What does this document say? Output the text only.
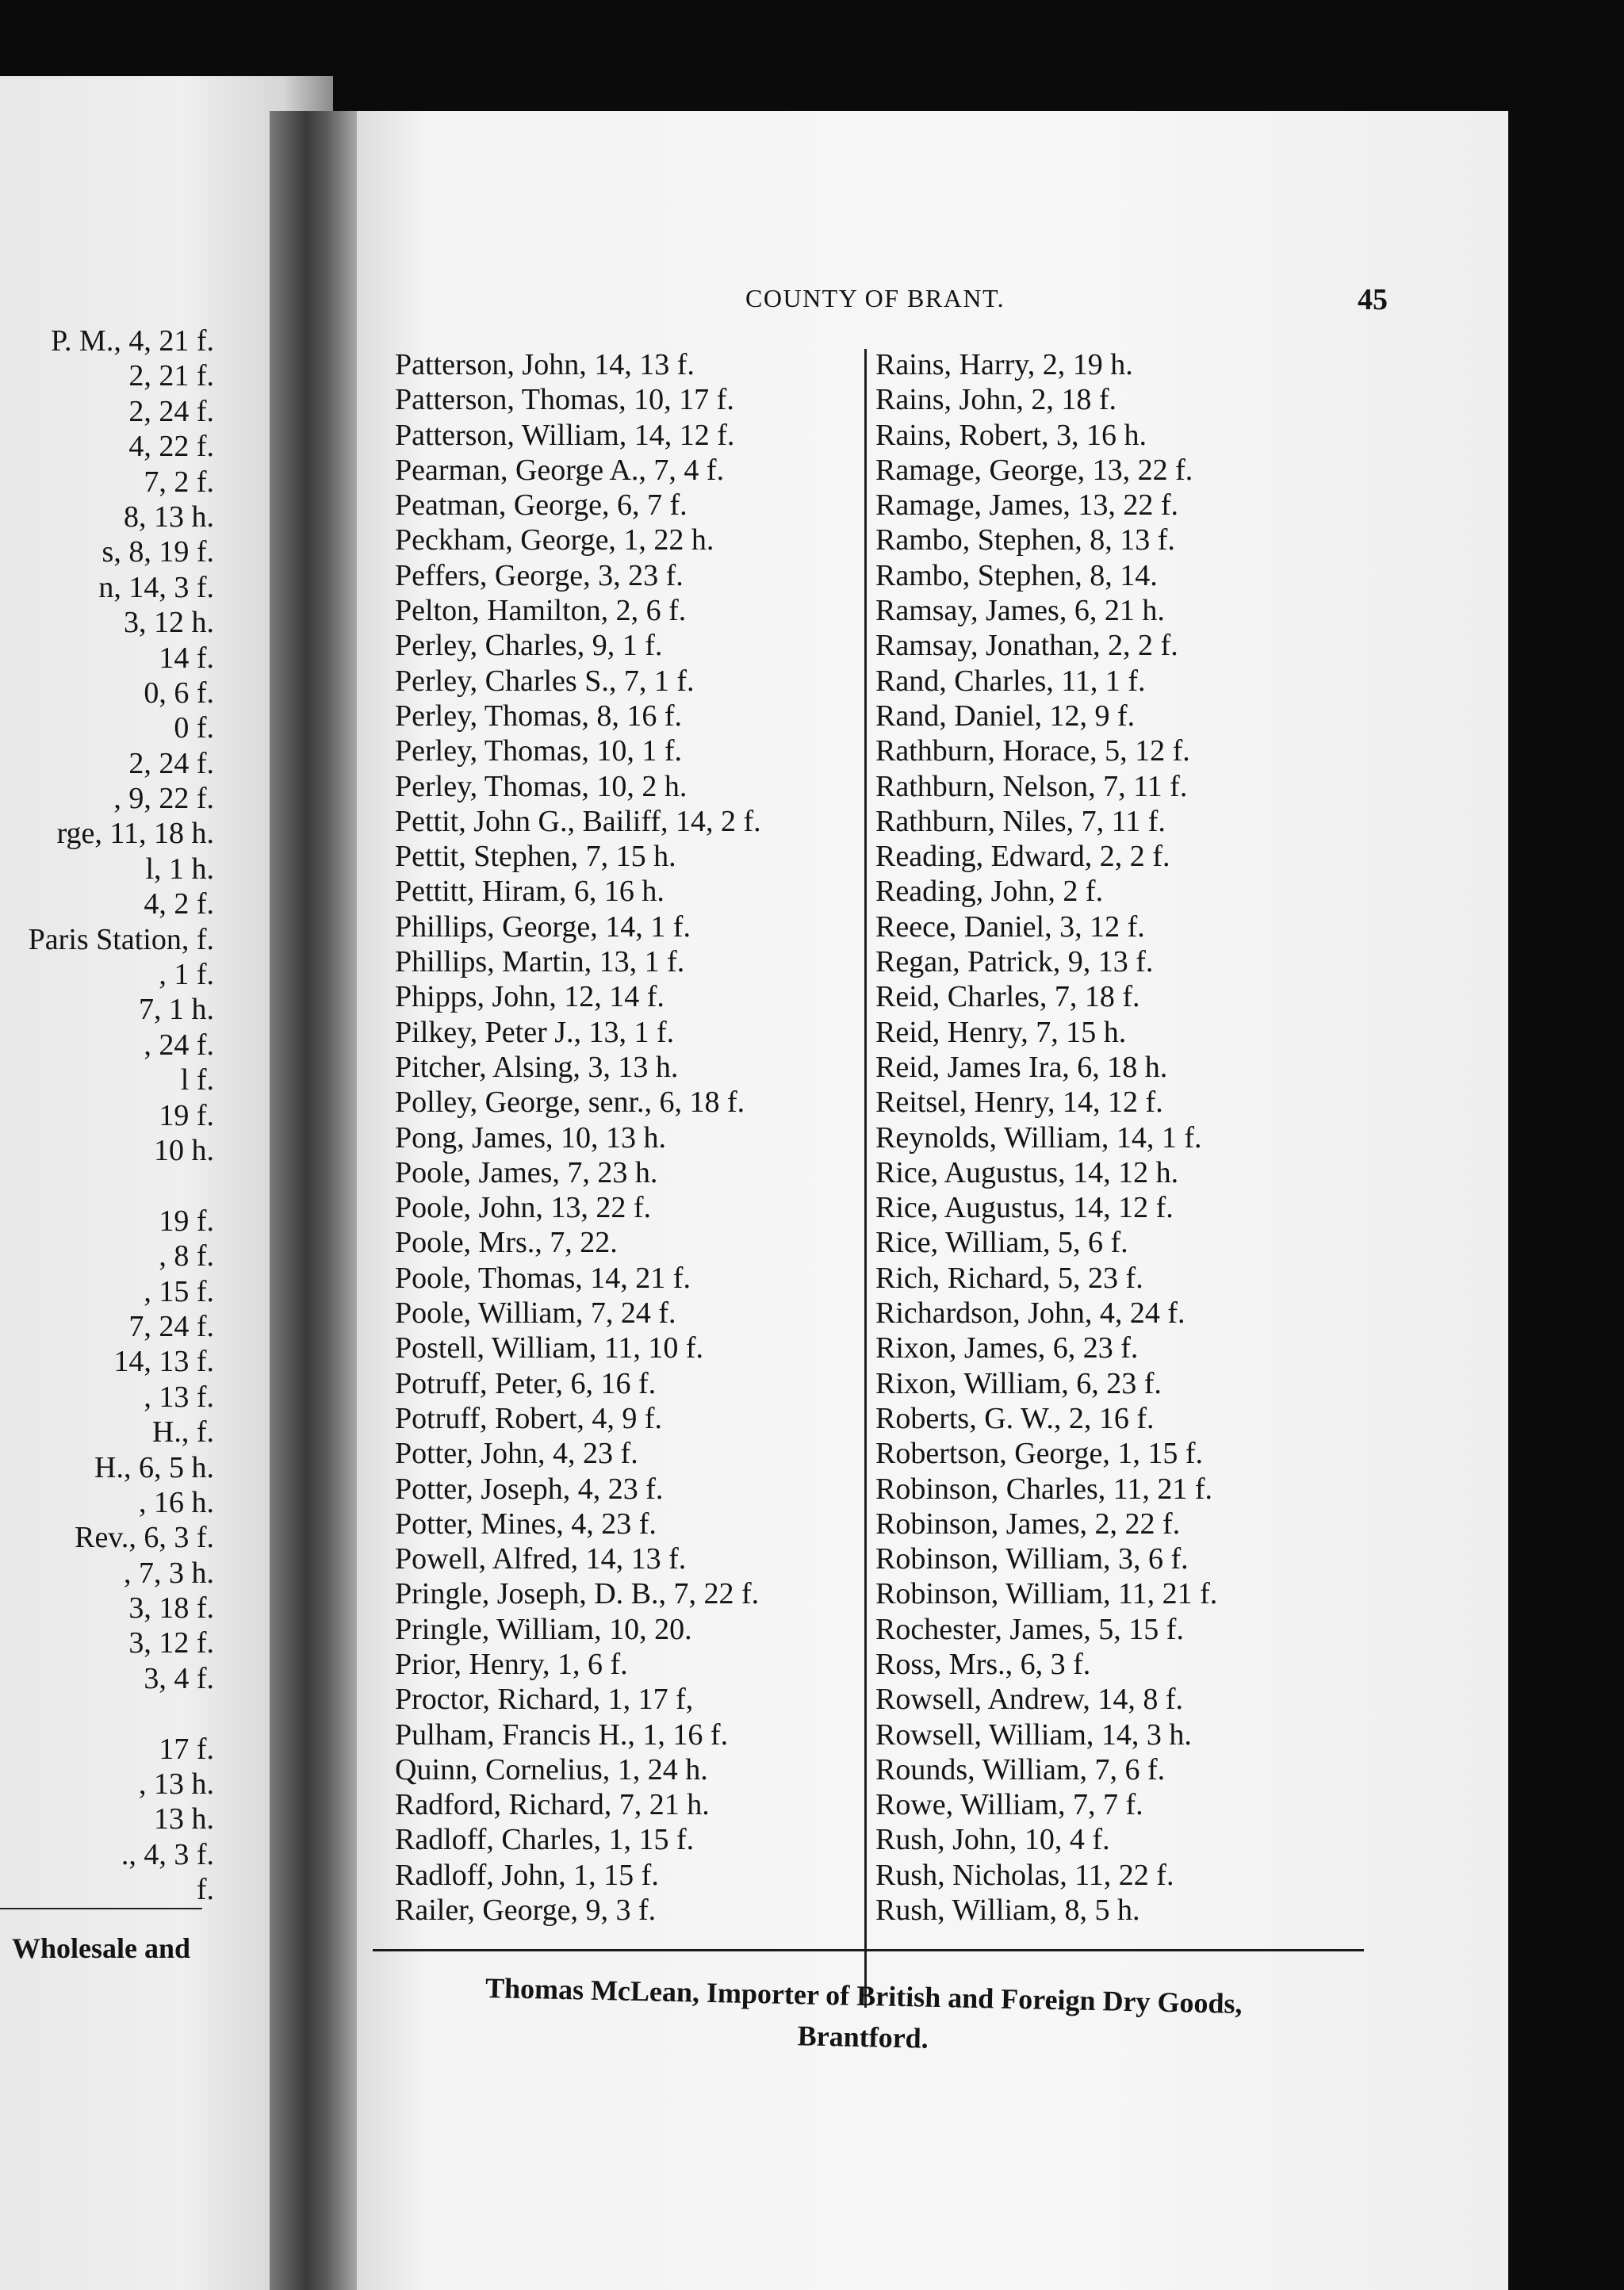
P. M., 4, 21 f.
2, 21 f.
2, 24 f.
4, 22 f.
7, 2 f.
8, 13 h.
s, 8, 19 f.
n, 14, 3 f.
3, 12 h.
14 f.
0, 6 f.
0 f.
2, 24 f.
, 9, 22 f.
rge, 11, 18 h.
l, 1 h.
4, 2 f.
Paris Station, f.
, 1 f.
7, 1 h.
, 24 f.
l f.
19 f.
10 h.
19 f.
, 8 f.
, 15 f.
7, 24 f.
14, 13 f.
, 13 f.
H., f.
H., 6, 5 h.
, 16 h.
Rev., 6, 3 f.
, 7, 3 h.
3, 18 f.
3, 12 f.
3, 4 f.
17 f.
, 13 h.
13 h.
., 4, 3 f.
f.
Wholesale and
COUNTY OF BRANT.	45
Patterson, John, 14, 13 f.
Patterson, Thomas, 10, 17 f.
Patterson, William, 14, 12 f.
Pearman, George A., 7, 4 f.
Peatman, George, 6, 7 f.
Peckham, George, 1, 22 h.
Peffers, George, 3, 23 f.
Pelton, Hamilton, 2, 6 f.
Perley, Charles, 9, 1 f.
Perley, Charles S., 7, 1 f.
Perley, Thomas, 8, 16 f.
Perley, Thomas, 10, 1 f.
Perley, Thomas, 10, 2 h.
Pettit, John G., Bailiff, 14, 2 f.
Pettit, Stephen, 7, 15 h.
Pettitt, Hiram, 6, 16 h.
Phillips, George, 14, 1 f.
Phillips, Martin, 13, 1 f.
Phipps, John, 12, 14 f.
Pilkey, Peter J., 13, 1 f.
Pitcher, Alsing, 3, 13 h.
Polley, George, senr., 6, 18 f.
Pong, James, 10, 13 h.
Poole, James, 7, 23 h.
Poole, John, 13, 22 f.
Poole, Mrs., 7, 22.
Poole, Thomas, 14, 21 f.
Poole, William, 7, 24 f.
Postell, William, 11, 10 f.
Potruff, Peter, 6, 16 f.
Potruff, Robert, 4, 9 f.
Potter, John, 4, 23 f.
Potter, Joseph, 4, 23 f.
Potter, Mines, 4, 23 f.
Powell, Alfred, 14, 13 f.
Pringle, Joseph, D. B., 7, 22 f.
Pringle, William, 10, 20.
Prior, Henry, 1, 6 f.
Proctor, Richard, 1, 17 f,
Pulham, Francis H., 1, 16 f.
Quinn, Cornelius, 1, 24 h.
Radford, Richard, 7, 21 h.
Radloff, Charles, 1, 15 f.
Radloff, John, 1, 15 f.
Railer, George, 9, 3 f.
Rains, Harry, 2, 19 h.
Rains, John, 2, 18 f.
Rains, Robert, 3, 16 h.
Ramage, George, 13, 22 f.
Ramage, James, 13, 22 f.
Rambo, Stephen, 8, 13 f.
Rambo, Stephen, 8, 14.
Ramsay, James, 6, 21 h.
Ramsay, Jonathan, 2, 2 f.
Rand, Charles, 11, 1 f.
Rand, Daniel, 12, 9 f.
Rathburn, Horace, 5, 12 f.
Rathburn, Nelson, 7, 11 f.
Rathburn, Niles, 7, 11 f.
Reading, Edward, 2, 2 f.
Reading, John, 2 f.
Reece, Daniel, 3, 12 f.
Regan, Patrick, 9, 13 f.
Reid, Charles, 7, 18 f.
Reid, Henry, 7, 15 h.
Reid, James Ira, 6, 18 h.
Reitsel, Henry, 14, 12 f.
Reynolds, William, 14, 1 f.
Rice, Augustus, 14, 12 h.
Rice, Augustus, 14, 12 f.
Rice, William, 5, 6 f.
Rich, Richard, 5, 23 f.
Richardson, John, 4, 24 f.
Rixon, James, 6, 23 f.
Rixon, William, 6, 23 f.
Roberts, G. W., 2, 16 f.
Robertson, George, 1, 15 f.
Robinson, Charles, 11, 21 f.
Robinson, James, 2, 22 f.
Robinson, William, 3, 6 f.
Robinson, William, 11, 21 f.
Rochester, James, 5, 15 f.
Ross, Mrs., 6, 3 f.
Rowsell, Andrew, 14, 8 f.
Rowsell, William, 14, 3 h.
Rounds, William, 7, 6 f.
Rowe, William, 7, 7 f.
Rush, John, 10, 4 f.
Rush, Nicholas, 11, 22 f.
Rush, William, 8, 5 h.
Thomas McLean, Importer of British and Foreign Dry Goods,
Brantford.
